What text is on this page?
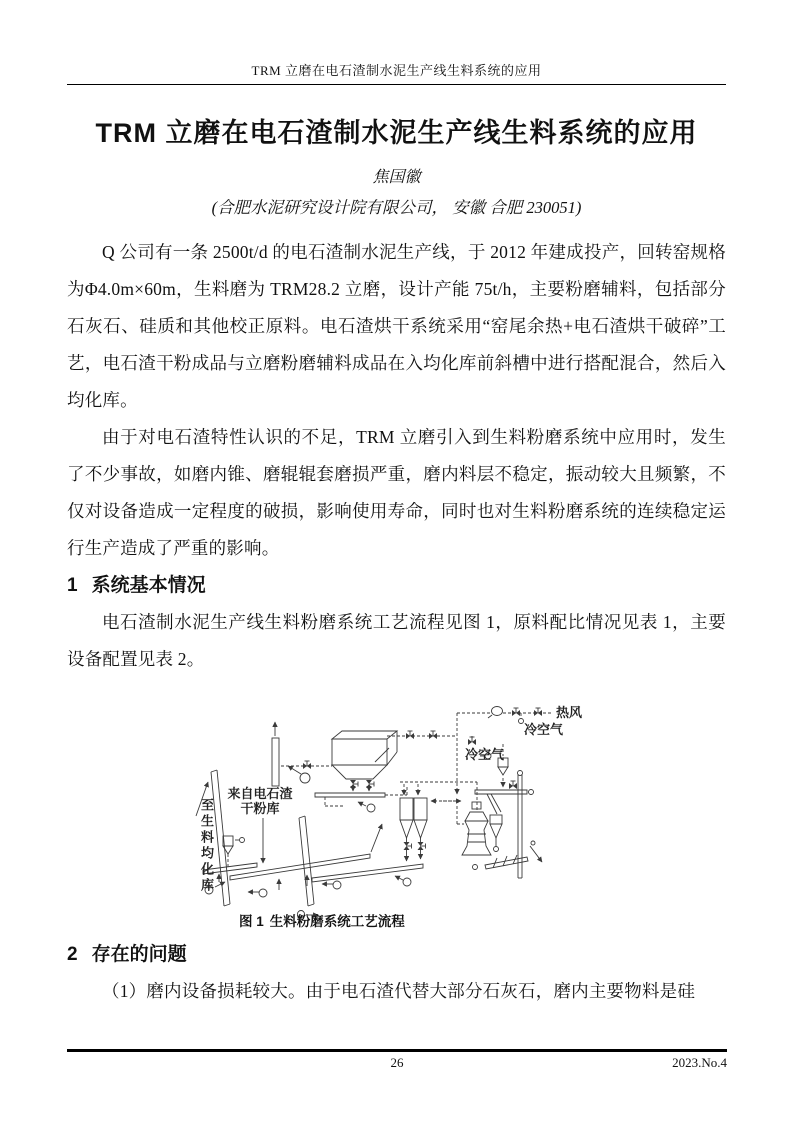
TRM 立磨在电石渣制水泥生产线生料系统的应用
TRM 立磨在电石渣制水泥生产线生料系统的应用
焦国徽
(合肥水泥研究设计院有限公司， 安徽 合肥 230051)

Q 公司有一条 2500t/d 的电石渣制水泥生产线，于 2012 年建成投产，回转窑规格为Φ4.0m×60m，生料磨为 TRM28.2 立磨，设计产能 75t/h，主要粉磨辅料，包括部分石灰石、硅质和其他校正原料。电石渣烘干系统采用“窑尾余热+电石渣烘干破碎”工艺，电石渣干粉成品与立磨粉磨辅料成品在入均化库前斜槽中进行搭配混合，然后入均化库。

由于对电石渣特性认识的不足，TRM 立磨引入到生料粉磨系统中应用时，发生了不少事故，如磨内锥、磨辊辊套磨损严重，磨内料层不稳定，振动较大且频繁，不仅对设备造成一定程度的破损，影响使用寿命，同时也对生料粉磨系统的连续稳定运行生产造成了严重的影响。

1 系统基本情况

电石渣制水泥生产线生料粉磨系统工艺流程见图 1，原料配比情况见表 1，主要设备配置见表 2。

至生料均化库
来自电石渣干粉库
热风
冷空气
冷空气
图 1 生料粉磨系统工艺流程
2 存在的问题

（1）磨内设备损耗较大。由于电石渣代替大部分石灰石，磨内主要物料是硅

26	2023.No.4
